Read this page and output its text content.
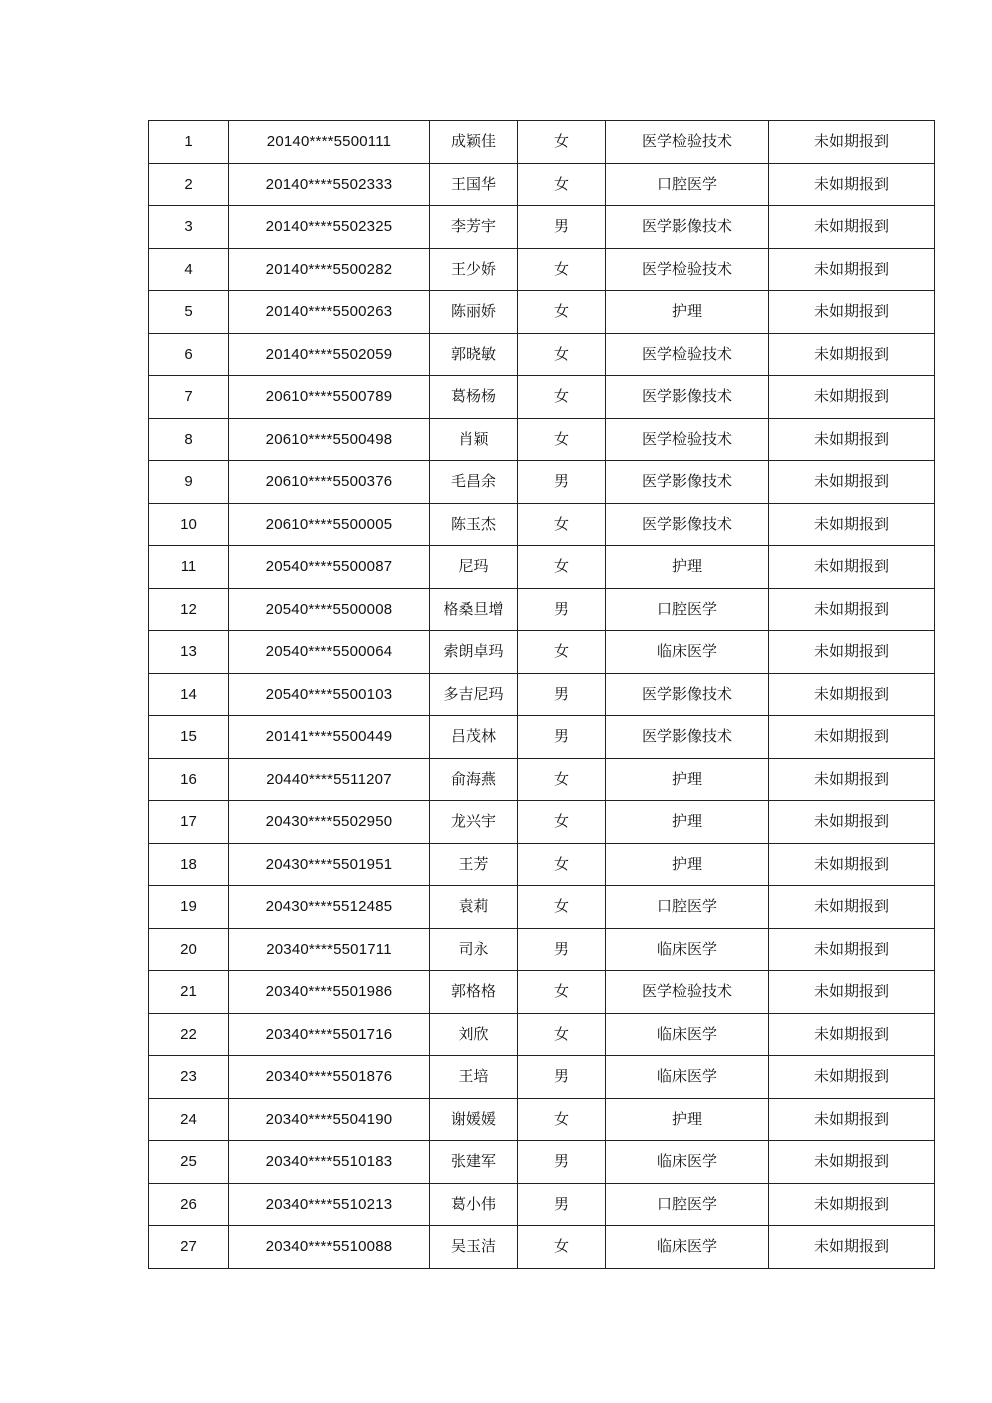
1	20140****5500111	成颖佳	女	医学检验技术	未如期报到
2	20140****5502333	王国华	女	口腔医学	未如期报到
3	20140****5502325	李芳宇	男	医学影像技术	未如期报到
4	20140****5500282	王少娇	女	医学检验技术	未如期报到
5	20140****5500263	陈丽娇	女	护理	未如期报到
6	20140****5502059	郭晓敏	女	医学检验技术	未如期报到
7	20610****5500789	葛杨杨	女	医学影像技术	未如期报到
8	20610****5500498	肖颖	女	医学检验技术	未如期报到
9	20610****5500376	毛昌余	男	医学影像技术	未如期报到
10	20610****5500005	陈玉杰	女	医学影像技术	未如期报到
11	20540****5500087	尼玛	女	护理	未如期报到
12	20540****5500008	格桑旦增	男	口腔医学	未如期报到
13	20540****5500064	索朗卓玛	女	临床医学	未如期报到
14	20540****5500103	多吉尼玛	男	医学影像技术	未如期报到
15	20141****5500449	吕茂林	男	医学影像技术	未如期报到
16	20440****5511207	俞海燕	女	护理	未如期报到
17	20430****5502950	龙兴宇	女	护理	未如期报到
18	20430****5501951	王芳	女	护理	未如期报到
19	20430****5512485	袁莉	女	口腔医学	未如期报到
20	20340****5501711	司永	男	临床医学	未如期报到
21	20340****5501986	郭格格	女	医学检验技术	未如期报到
22	20340****5501716	刘欣	女	临床医学	未如期报到
23	20340****5501876	王培	男	临床医学	未如期报到
24	20340****5504190	谢媛媛	女	护理	未如期报到
25	20340****5510183	张建军	男	临床医学	未如期报到
26	20340****5510213	葛小伟	男	口腔医学	未如期报到
27	20340****5510088	吴玉洁	女	临床医学	未如期报到
